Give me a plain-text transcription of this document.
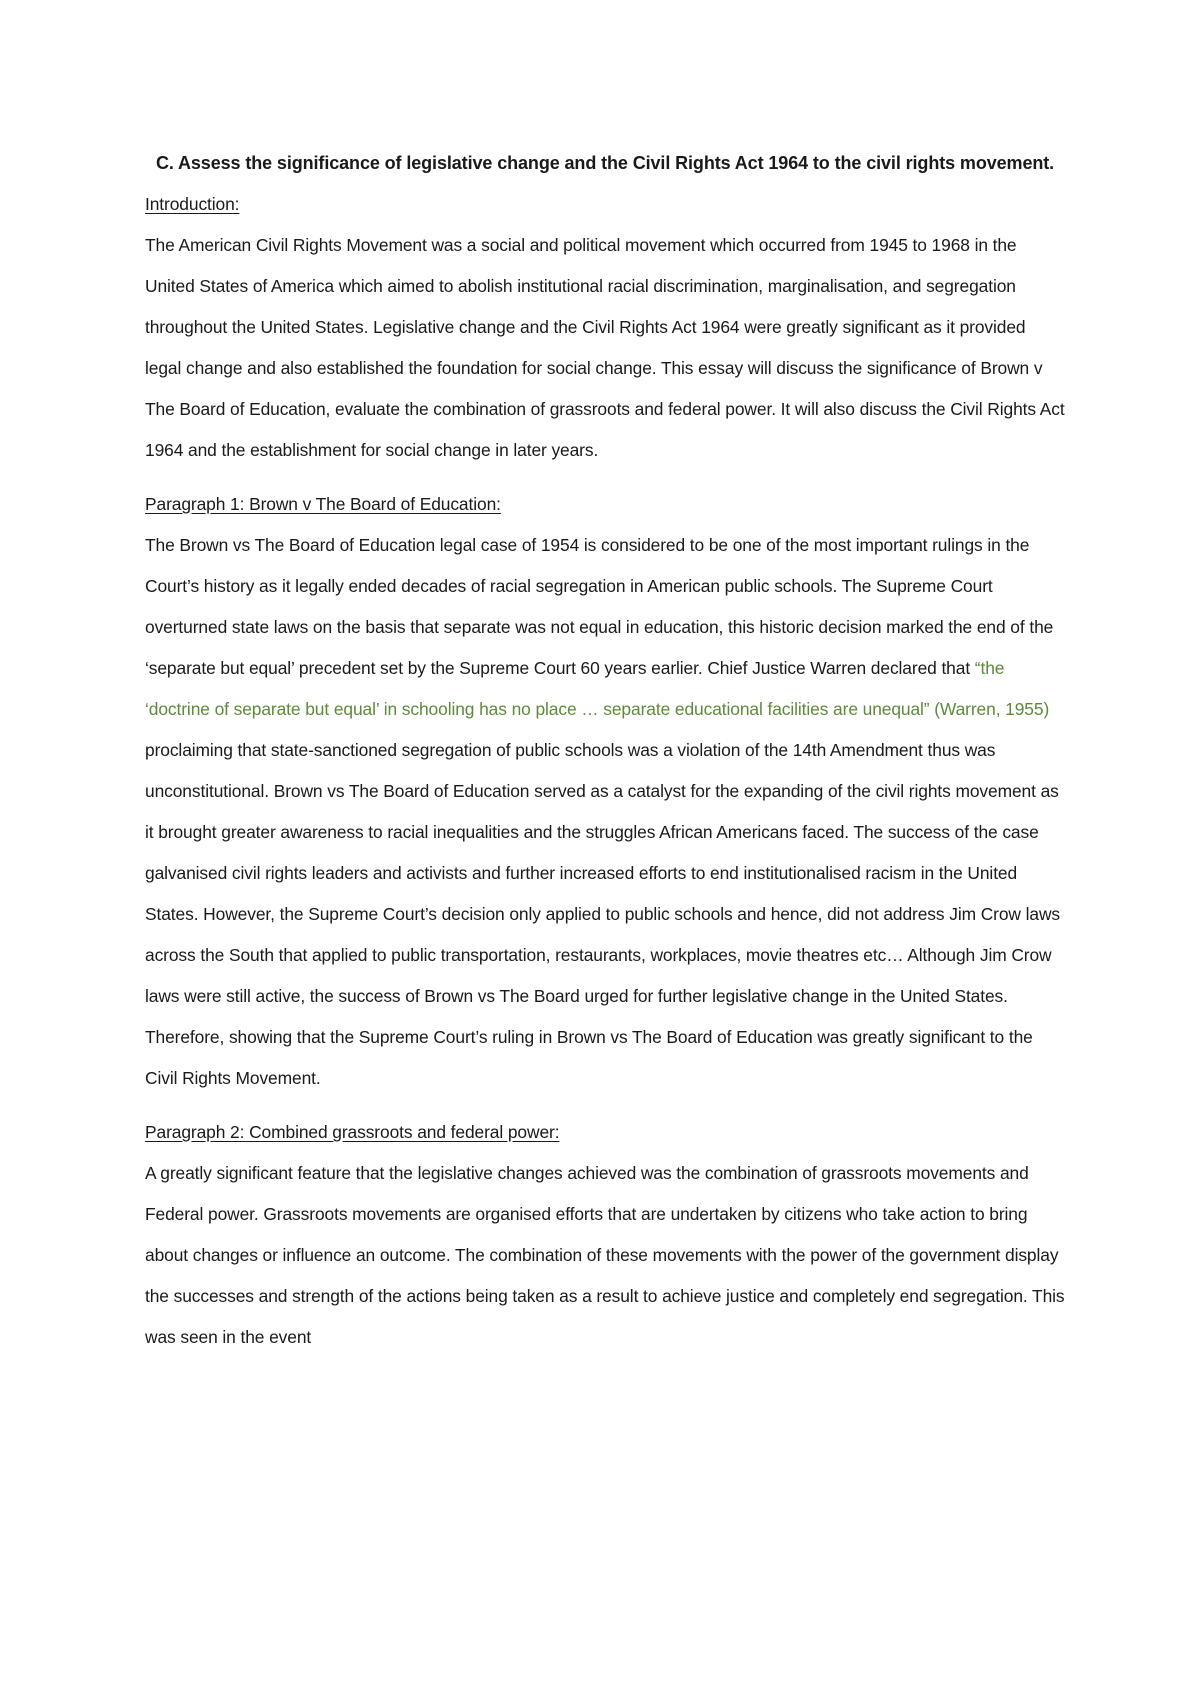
C. Assess the significance of legislative change and the Civil Rights Act 1964 to the civil rights movement.

Introduction:

The American Civil Rights Movement was a social and political movement which occurred from 1945 to 1968 in the United States of America which aimed to abolish institutional racial discrimination, marginalisation, and segregation throughout the United States. Legislative change and the Civil Rights Act 1964 were greatly significant as it provided legal change and also established the foundation for social change. This essay will discuss the significance of Brown v The Board of Education, evaluate the combination of grassroots and federal power. It will also discuss the Civil Rights Act 1964 and the establishment for social change in later years.

Paragraph 1: Brown v The Board of Education:

The Brown vs The Board of Education legal case of 1954 is considered to be one of the most important rulings in the Court’s history as it legally ended decades of racial segregation in American public schools. The Supreme Court overturned state laws on the basis that separate was not equal in education, this historic decision marked the end of the ‘separate but equal’ precedent set by the Supreme Court 60 years earlier. Chief Justice Warren declared that “the ‘doctrine of separate but equal’ in schooling has no place … separate educational facilities are unequal” (Warren, 1955) proclaiming that state-sanctioned segregation of public schools was a violation of the 14th Amendment thus was unconstitutional. Brown vs The Board of Education served as a catalyst for the expanding of the civil rights movement as it brought greater awareness to racial inequalities and the struggles African Americans faced. The success of the case galvanised civil rights leaders and activists and further increased efforts to end institutionalised racism in the United States. However, the Supreme Court’s decision only applied to public schools and hence, did not address Jim Crow laws across the South that applied to public transportation, restaurants, workplaces, movie theatres etc… Although Jim Crow laws were still active, the success of Brown vs The Board urged for further legislative change in the United States. Therefore, showing that the Supreme Court’s ruling in Brown vs The Board of Education was greatly significant to the Civil Rights Movement.

Paragraph 2: Combined grassroots and federal power:

A greatly significant feature that the legislative changes achieved was the combination of grassroots movements and Federal power. Grassroots movements are organised efforts that are undertaken by citizens who take action to bring about changes or influence an outcome. The combination of these movements with the power of the government display the successes and strength of the actions being taken as a result to achieve justice and completely end segregation. This was seen in the event
